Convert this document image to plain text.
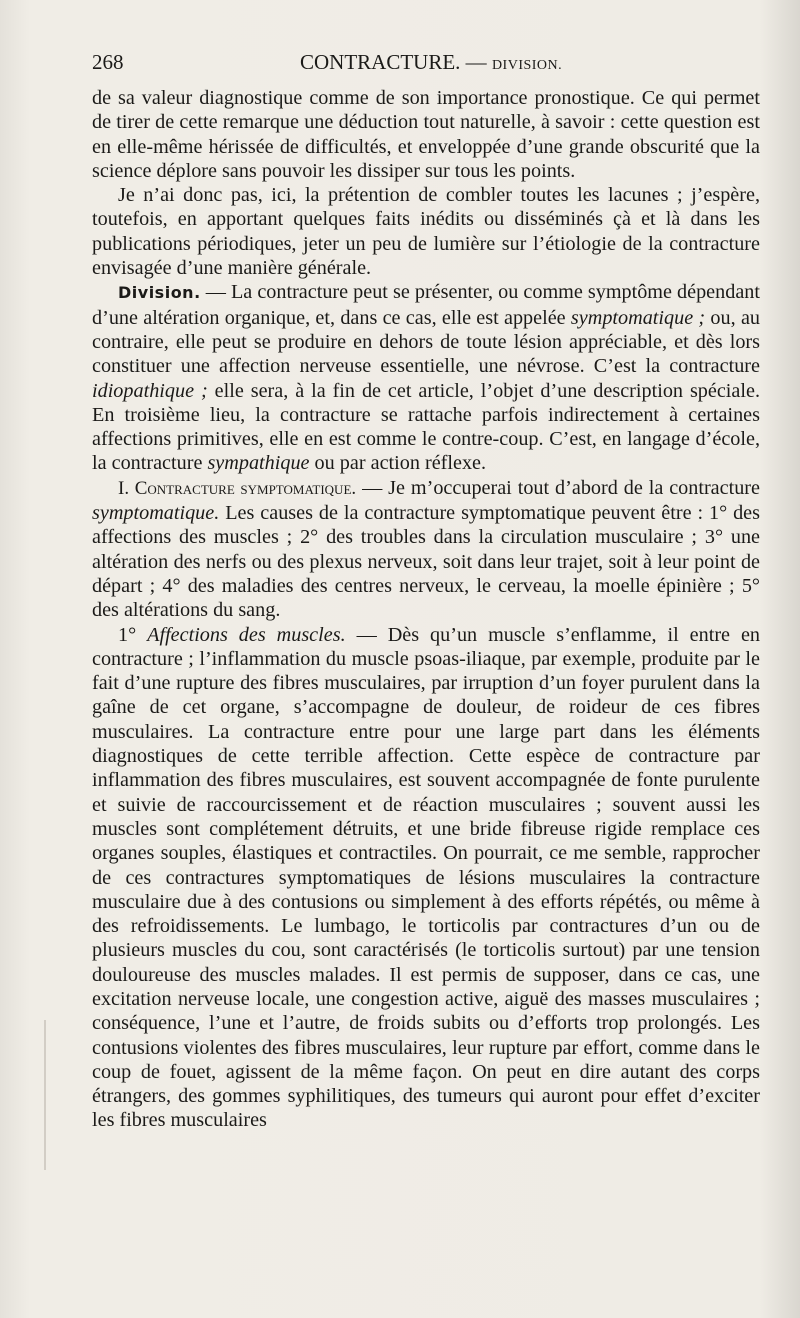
268	CONTRACTURE. — DIVISION.

de sa valeur diagnostique comme de son importance pronostique. Ce qui permet de tirer de cette remarque une déduction tout naturelle, à savoir : cette question est en elle-même hérissée de difficultés, et enveloppée d’une grande obscurité que la science déplore sans pouvoir les dissiper sur tous les points.

Je n’ai donc pas, ici, la prétention de combler toutes les lacunes ; j’espère, toutefois, en apportant quelques faits inédits ou disséminés çà et là dans les publications périodiques, jeter un peu de lumière sur l’étiologie de la contracture envisagée d’une manière générale.

Division. — La contracture peut se présenter, ou comme symptôme dépendant d’une altération organique, et, dans ce cas, elle est appelée symptomatique ; ou, au contraire, elle peut se produire en dehors de toute lésion appréciable, et dès lors constituer une affection nerveuse essentielle, une névrose. C’est la contracture idiopathique ; elle sera, à la fin de cet article, l’objet d’une description spéciale. En troisième lieu, la contracture se rattache parfois indirectement à certaines affections primitives, elle en est comme le contre-coup. C’est, en langage d’école, la contracture sympathique ou par action réflexe.

I. Contracture symptomatique. — Je m’occuperai tout d’abord de la contracture symptomatique. Les causes de la contracture symptomatique peuvent être : 1° des affections des muscles ; 2° des troubles dans la circulation musculaire ; 3° une altération des nerfs ou des plexus nerveux, soit dans leur trajet, soit à leur point de départ ; 4° des maladies des centres nerveux, le cerveau, la moelle épinière ; 5° des altérations du sang.

1° Affections des muscles. — Dès qu’un muscle s’enflamme, il entre en contracture ; l’inflammation du muscle psoas-iliaque, par exemple, produite par le fait d’une rupture des fibres musculaires, par irruption d’un foyer purulent dans la gaîne de cet organe, s’accompagne de douleur, de roideur de ces fibres musculaires. La contracture entre pour une large part dans les éléments diagnostiques de cette terrible affection. Cette espèce de contracture par inflammation des fibres musculaires, est souvent accompagnée de fonte purulente et suivie de raccourcissement et de réaction musculaires ; souvent aussi les muscles sont complétement détruits, et une bride fibreuse rigide remplace ces organes souples, élastiques et contractiles. On pourrait, ce me semble, rapprocher de ces contractures symptomatiques de lésions musculaires la contracture musculaire due à des contusions ou simplement à des efforts répétés, ou même à des refroidissements. Le lumbago, le torticolis par contractures d’un ou de plusieurs muscles du cou, sont caractérisés (le torticolis surtout) par une tension douloureuse des muscles malades. Il est permis de supposer, dans ce cas, une excitation nerveuse locale, une congestion active, aiguë des masses musculaires ; conséquence, l’une et l’autre, de froids subits ou d’efforts trop prolongés. Les contusions violentes des fibres musculaires, leur rupture par effort, comme dans le coup de fouet, agissent de la même façon. On peut en dire autant des corps étrangers, des gommes syphilitiques, des tumeurs qui auront pour effet d’exciter les fibres musculaires
